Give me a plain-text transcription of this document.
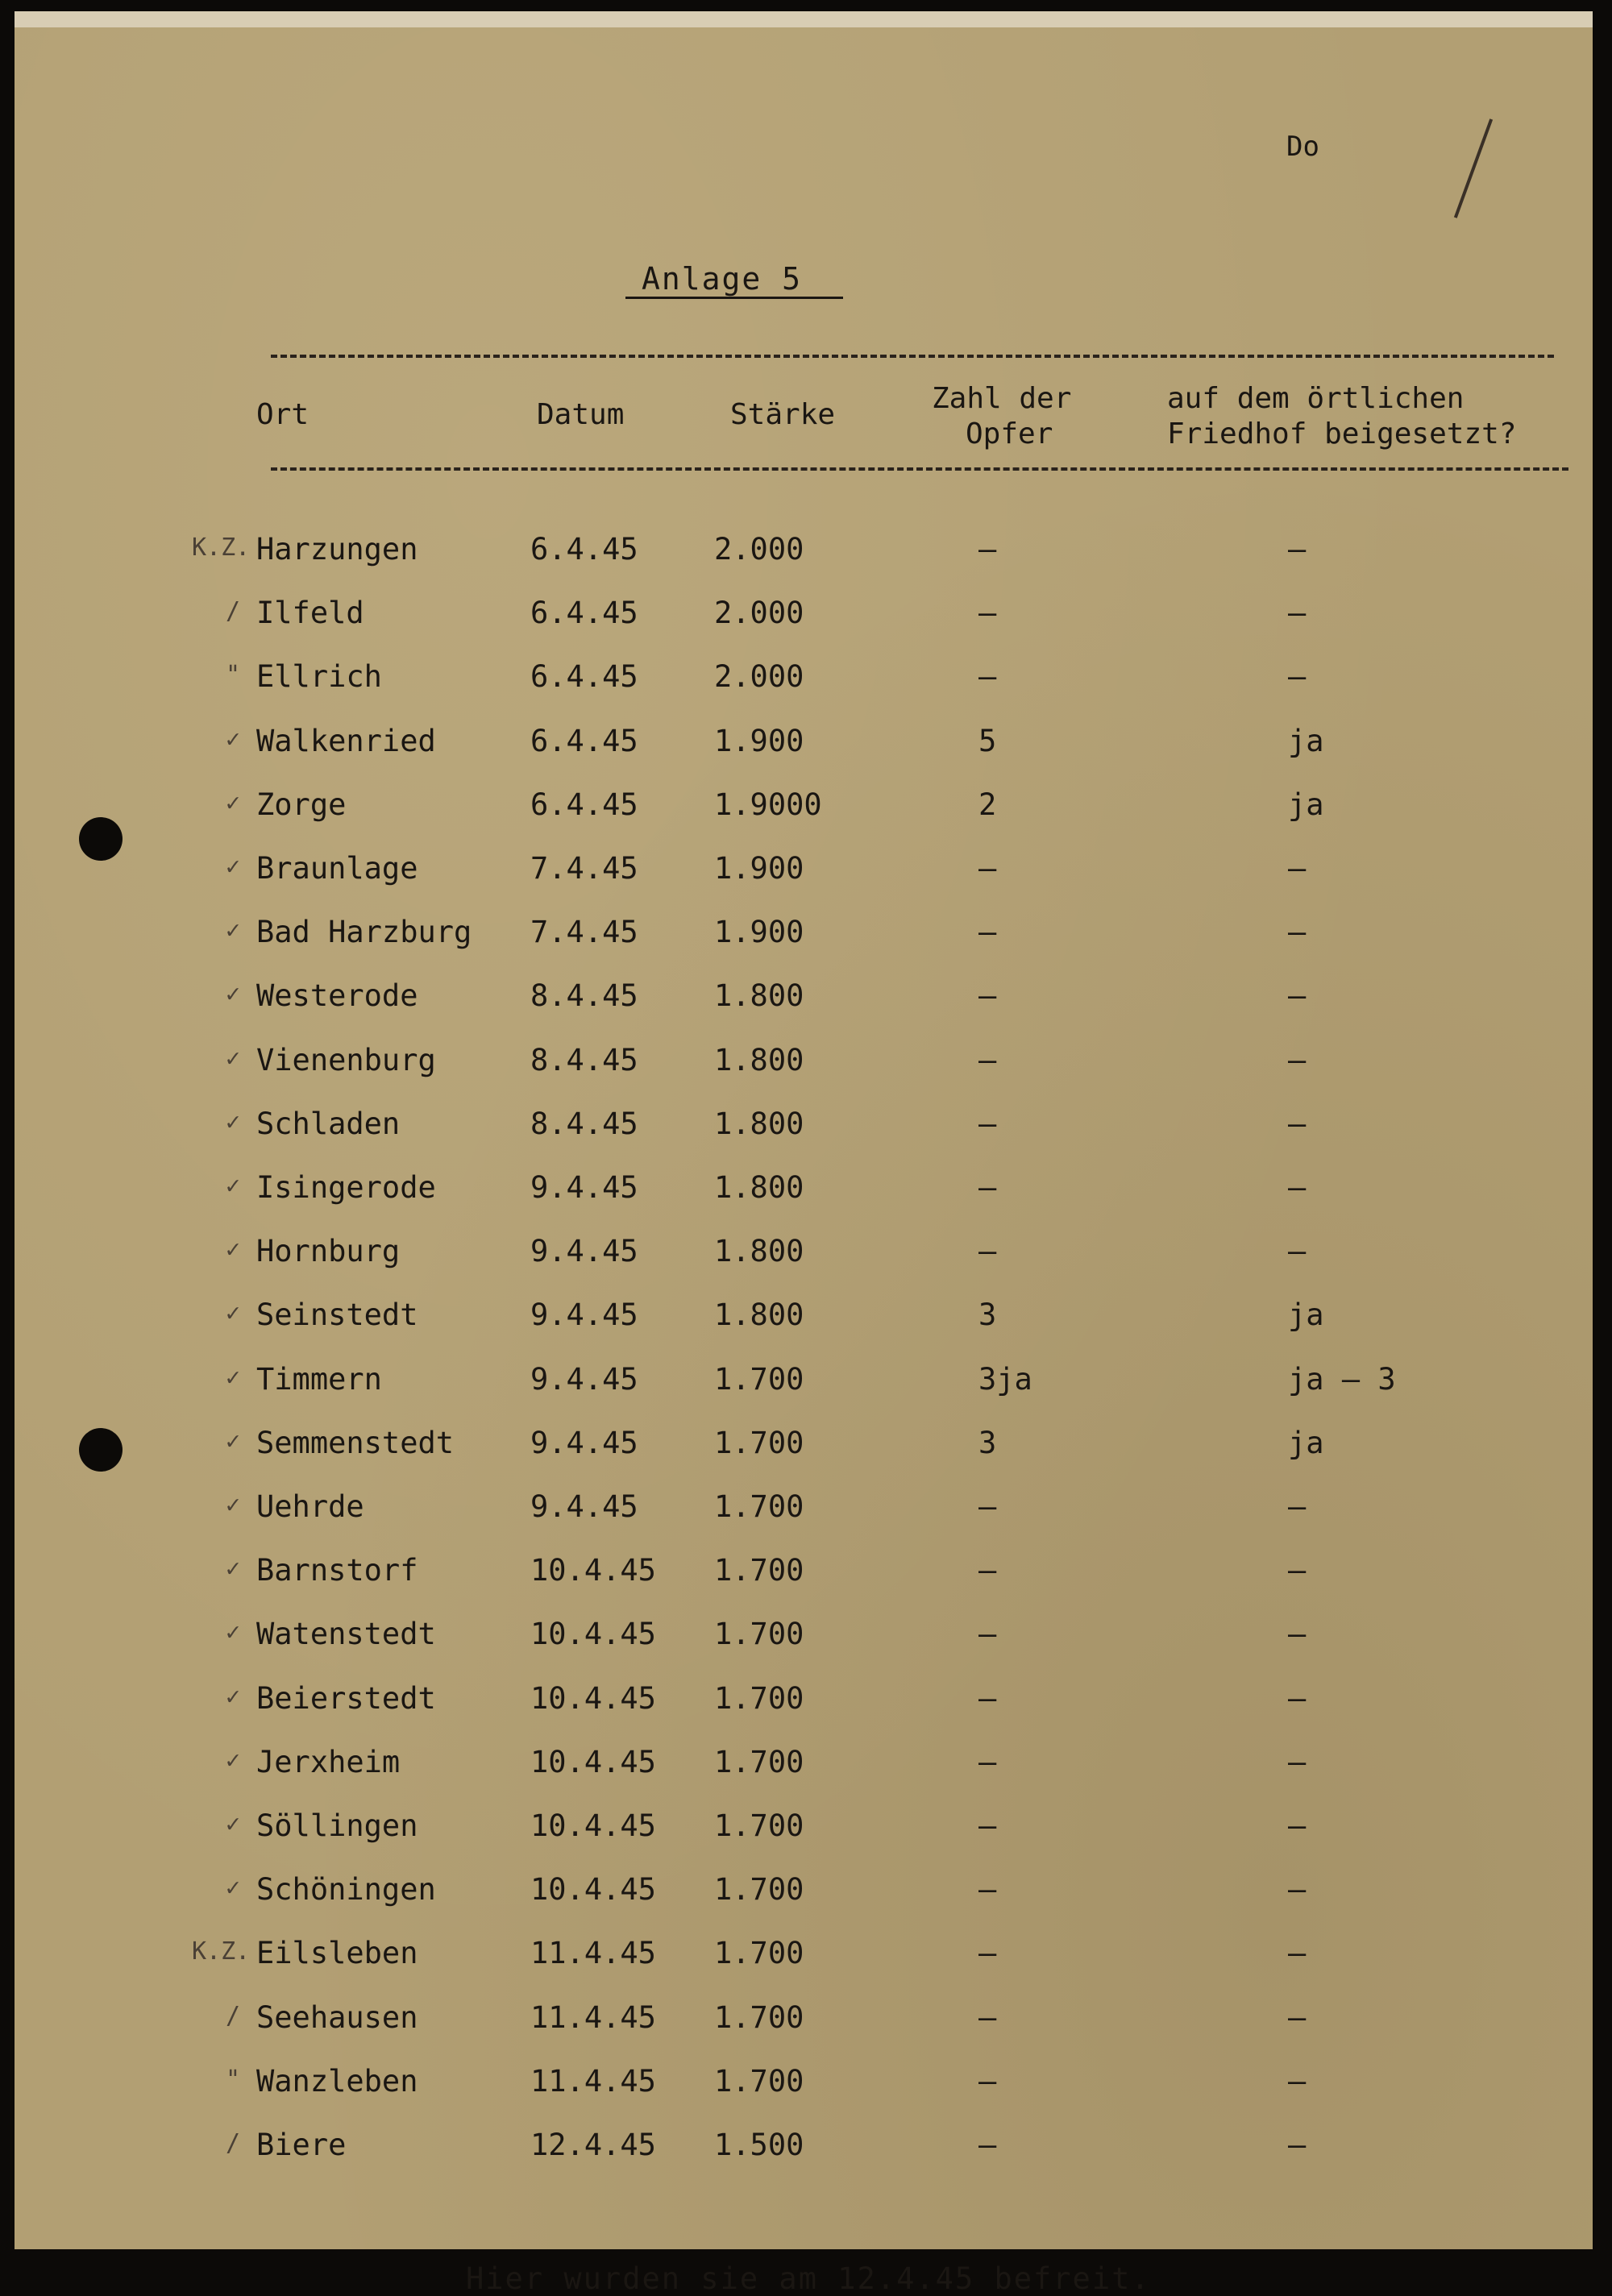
Do
Anlage 5
Ort	Datum	Stärke	Zahl der
Opfer
auf dem örtlichen
Friedhof beigesetzt?
K.Z. Harzungen	6.4.45	2.000	–	–
/ Ilfeld	6.4.45	2.000	–	–
" Ellrich	6.4.45	2.000	–	–
✓ Walkenried	6.4.45	1.900	5	ja
✓ Zorge	6.4.45	1.9000	2	ja
✓ Braunlage	7.4.45	1.900	–	–
✓ Bad Harzburg 7.4.45	1.900	–	–
✓ Westerode	8.4.45	1.800	–	–
✓ Vienenburg	8.4.45	1.800	–	–
✓ Schladen	8.4.45	1.800	–	–
✓ Isingerode	9.4.45	1.800	–	–
✓ Hornburg	9.4.45	1.800	–	–
✓ Seinstedt	9.4.45	1.800	3	ja
✓ Timmern	9.4.45	1.700	3ja	ja – 3
✓ Semmenstedt	9.4.45	1.700	3	ja
✓ Uehrde	9.4.45	1.700	–	–
✓ Barnstorf	10.4.45 1.700	–	–
✓ Watenstedt	10.4.45 1.700	–	–
✓ Beierstedt	10.4.45 1.700	–	–
✓ Jerxheim	10.4.45 1.700	–	–
✓ Söllingen	10.4.45 1.700	–	–
✓ Schöningen	10.4.45 1.700	–	–
K.Z. Eilsleben	11.4.45 1.700	–	–
/ Seehausen	11.4.45 1.700	–	–
" Wanzleben	11.4.45 1.700	–	–
/ Biere	12.4.45 1.500	–	–
Hier wurden sie am 12.4.45 befreit.
